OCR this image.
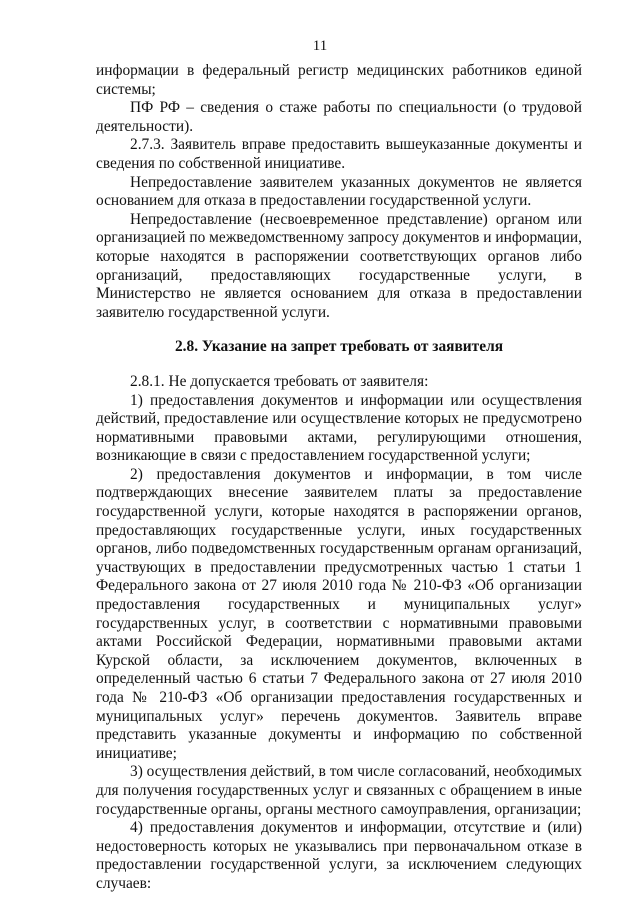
11

информации в федеральный регистр медицинских работников единой системы;

ПФ РФ – сведения о стаже работы по специальности (о трудовой деятельности).

2.7.3. Заявитель вправе предоставить вышеуказанные документы и сведения по собственной инициативе.

Непредоставление заявителем указанных документов не является основанием для отказа в предоставлении государственной услуги.

Непредоставление (несвоевременное представление) органом или организацией по межведомственному запросу документов и информации, которые находятся в распоряжении соответствующих органов либо организаций, предоставляющих государственные услуги, в Министерство не является основанием для отказа в предоставлении заявителю государственной услуги.

2.8. Указание на запрет требовать от заявителя

2.8.1. Не допускается требовать от заявителя:

1) предоставления документов и информации или осуществления действий, предоставление или осуществление которых не предусмотрено нормативными правовыми актами, регулирующими отношения, возникающие в связи с предоставлением государственной услуги;

2) предоставления документов и информации, в том числе подтверждающих внесение заявителем платы за предоставление государственной услуги, которые находятся в распоряжении органов, предоставляющих государственные услуги, иных государственных органов, либо подведомственных государственным органам организаций, участвующих в предоставлении предусмотренных частью 1 статьи 1 Федерального закона от 27 июля 2010 года № 210-ФЗ «Об организации предоставления государственных и муниципальных услуг» государственных услуг, в соответствии с нормативными правовыми актами Российской Федерации, нормативными правовыми актами Курской области, за исключением документов, включенных в определенный частью 6 статьи 7 Федерального закона от 27 июля 2010 года № 210-ФЗ «Об организации предоставления государственных и муниципальных услуг» перечень документов. Заявитель вправе представить указанные документы и информацию по собственной инициативе;

3) осуществления действий, в том числе согласований, необходимых для получения государственных услуг и связанных с обращением в иные государственные органы, органы местного самоуправления, организации;

4) предоставления документов и информации, отсутствие и (или) недостоверность которых не указывались при первоначальном отказе в предоставлении государственной услуги, за исключением следующих случаев:
